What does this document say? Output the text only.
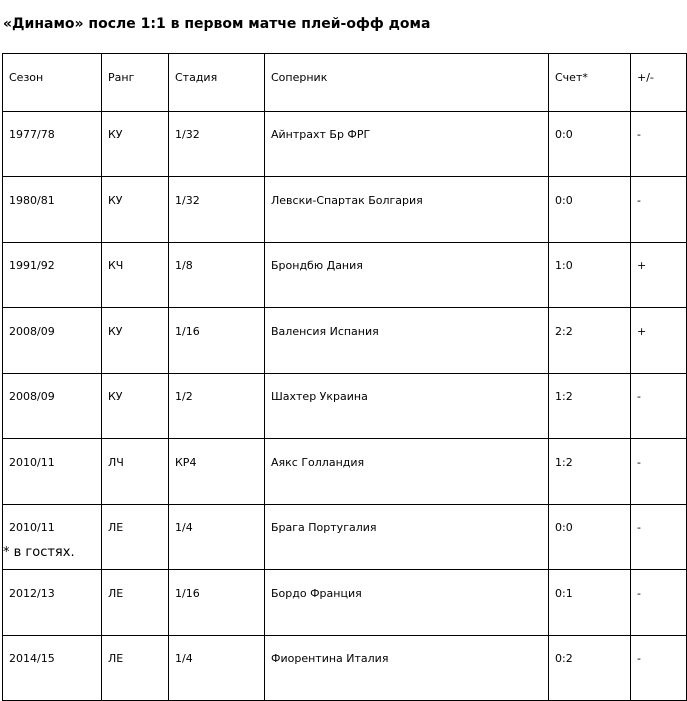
«Динамо» после 1:1 в первом матче плей-офф дома
Сезон	Ранг	Стадия	Соперник	Счет*	+/-
1977/78	КУ	1/32	Айнтрахт Бр ФРГ	0:0	-
1980/81	КУ	1/32	Левски-Спартак Болгария	0:0	-
1991/92	КЧ	1/8	Брондбю Дания	1:0	+
2008/09	КУ	1/16	Валенсия Испания	2:2	+
2008/09	КУ	1/2	Шахтер Украина	1:2	-
2010/11	ЛЧ	КР4	Аякс Голландия	1:2	-
2010/11	ЛЕ	1/4	Брага Португалия	0:0	-
2012/13	ЛЕ	1/16	Бордо Франция	0:1	-
2014/15	ЛЕ	1/4	Фиорентина Италия	0:2	-
* в гостях.
